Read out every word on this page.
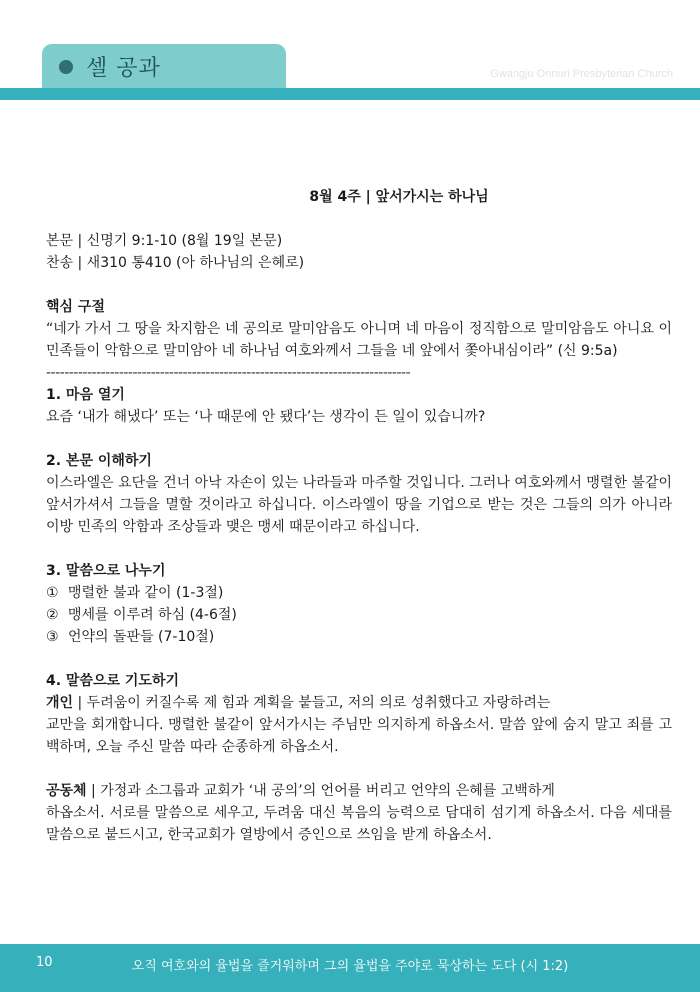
셀 공과	Gwangju Onnuri Presbyterian Church
8월 4주 | 앞서가시는 하나님
본문 | 신명기 9:1-10 (8월 19일 본문)
찬송 | 새310 통410 (아 하나님의 은혜로)
핵심 구절
“네가 가서 그 땅을 차지함은 네 공의로 말미암음도 아니며 네 마음이 정직함으로 말미암음도 아니요 이 민족들이 악함으로 말미암아 네 하나님 여호와께서 그들을 네 앞에서 쫓아내심이라” (신 9:5a)
--------------------------------------------------------------------------------
1. 마음 열기
요즘 ‘내가 해냈다’ 또는 ‘나 때문에 안 됐다’는 생각이 든 일이 있습니까?
2. 본문 이해하기
이스라엘은 요단을 건너 아낙 자손이 있는 나라들과 마주할 것입니다. 그러나 여호와께서 맹렬한 불같이 앞서가셔서 그들을 멸할 것이라고 하십니다. 이스라엘이 땅을 기업으로 받는 것은 그들의 의가 아니라 이방 민족의 악함과 조상들과 맺은 맹세 때문이라고 하십니다.
3. 말씀으로 나누기
① 맹렬한 불과 같이 (1-3절)
② 맹세를 이루려 하심 (4-6절)
③ 언약의 돌판들 (7-10절)
4. 말씀으로 기도하기
개인 | 두려움이 커질수록 제 힘과 계획을 붙들고, 저의 의로 성취했다고 자랑하려는
교만을 회개합니다. 맹렬한 불같이 앞서가시는 주님만 의지하게 하옵소서. 말씀 앞에 숨지 말고 죄를 고백하며, 오늘 주신 말씀 따라 순종하게 하옵소서.
공동체 | 가정과 소그룹과 교회가 ‘내 공의’의 언어를 버리고 언약의 은혜를 고백하게
하옵소서. 서로를 말씀으로 세우고, 두려움 대신 복음의 능력으로 담대히 섬기게 하옵소서. 다음 세대를 말씀으로 붙드시고, 한국교회가 열방에서 증인으로 쓰임을 받게 하옵소서.
오직 여호와의 율법을 즐거워하며 그의 율법을 주야로 묵상하는 도다 (시 1:2)
10
